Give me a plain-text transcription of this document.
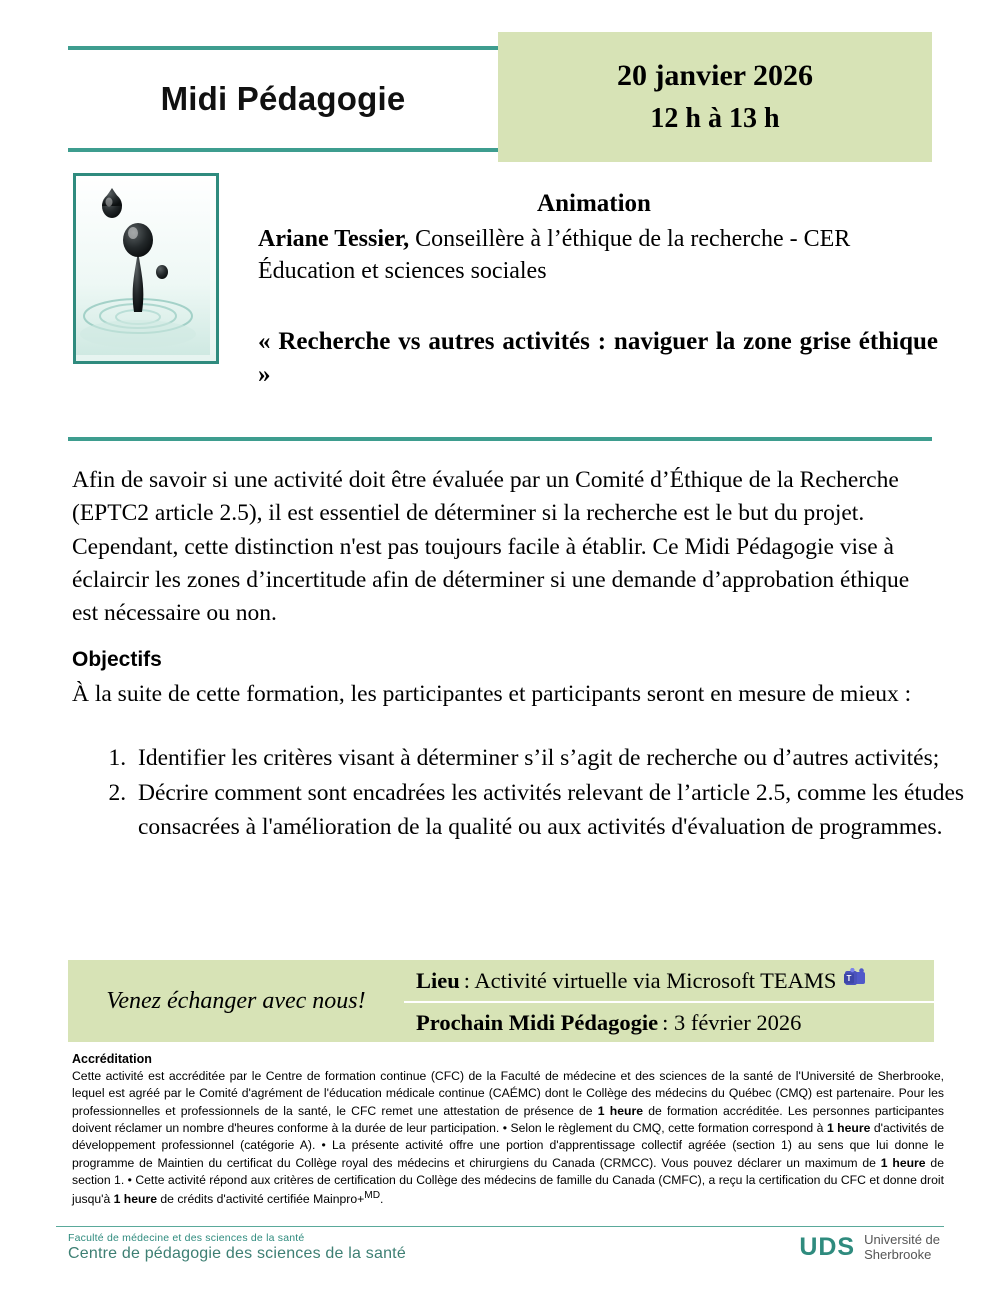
Midi Pédagogie
20 janvier 2026
12 h à 13 h
Animation
Ariane Tessier, Conseillère à l’éthique de la recherche - CER Éducation et sciences sociales
« Recherche vs autres activités : naviguer la zone grise éthique »
Afin de savoir si une activité doit être évaluée par un Comité d’Éthique de la Recherche (EPTC2 article 2.5), il est essentiel de déterminer si la recherche est le but du projet. Cependant, cette distinction n'est pas toujours facile à établir. Ce Midi Pédagogie vise à éclaircir les zones d’incertitude afin de déterminer si une demande d’approbation éthique est nécessaire ou non.
Objectifs
À la suite de cette formation, les participantes et participants seront en mesure de mieux :
1. Identifier les critères visant à déterminer s’il s’agit de recherche ou d’autres activités;
2. Décrire comment sont encadrées les activités relevant de l’article 2.5, comme les études consacrées à l'amélioration de la qualité ou aux activités d'évaluation de programmes.
Venez échanger avec nous!
Lieu : Activité virtuelle via Microsoft TEAMS T
Prochain Midi Pédagogie : 3 février 2026
Accréditation
Cette activité est accréditée par le Centre de formation continue (CFC) de la Faculté de médecine et des sciences de la santé de l'Université de Sherbrooke, lequel est agréé par le Comité d'agrément de l'éducation médicale continue (CAÉMC) dont le Collège des médecins du Québec (CMQ) est partenaire. Pour les professionnelles et professionnels de la santé, le CFC remet une attestation de présence de 1 heure de formation accréditée. Les personnes participantes doivent réclamer un nombre d'heures conforme à la durée de leur participation. • Selon le règlement du CMQ, cette formation correspond à 1 heure d'activités de développement professionnel (catégorie A). • La présente activité offre une portion d'apprentissage collectif agréée (section 1) au sens que lui donne le programme de Maintien du certificat du Collège royal des médecins et chirurgiens du Canada (CRMCC). Vous pouvez déclarer un maximum de 1 heure de section 1. • Cette activité répond aux critères de certification du Collège des médecins de famille du Canada (CMFC), a reçu la certification du CFC et donne droit jusqu'à 1 heure de crédits d'activité certifiée Mainpro+$^{MD}$.
Faculté de médecine et des sciences de la santé
Centre de pédagogie des sciences de la santé	UDS Université de
Sherbrooke
